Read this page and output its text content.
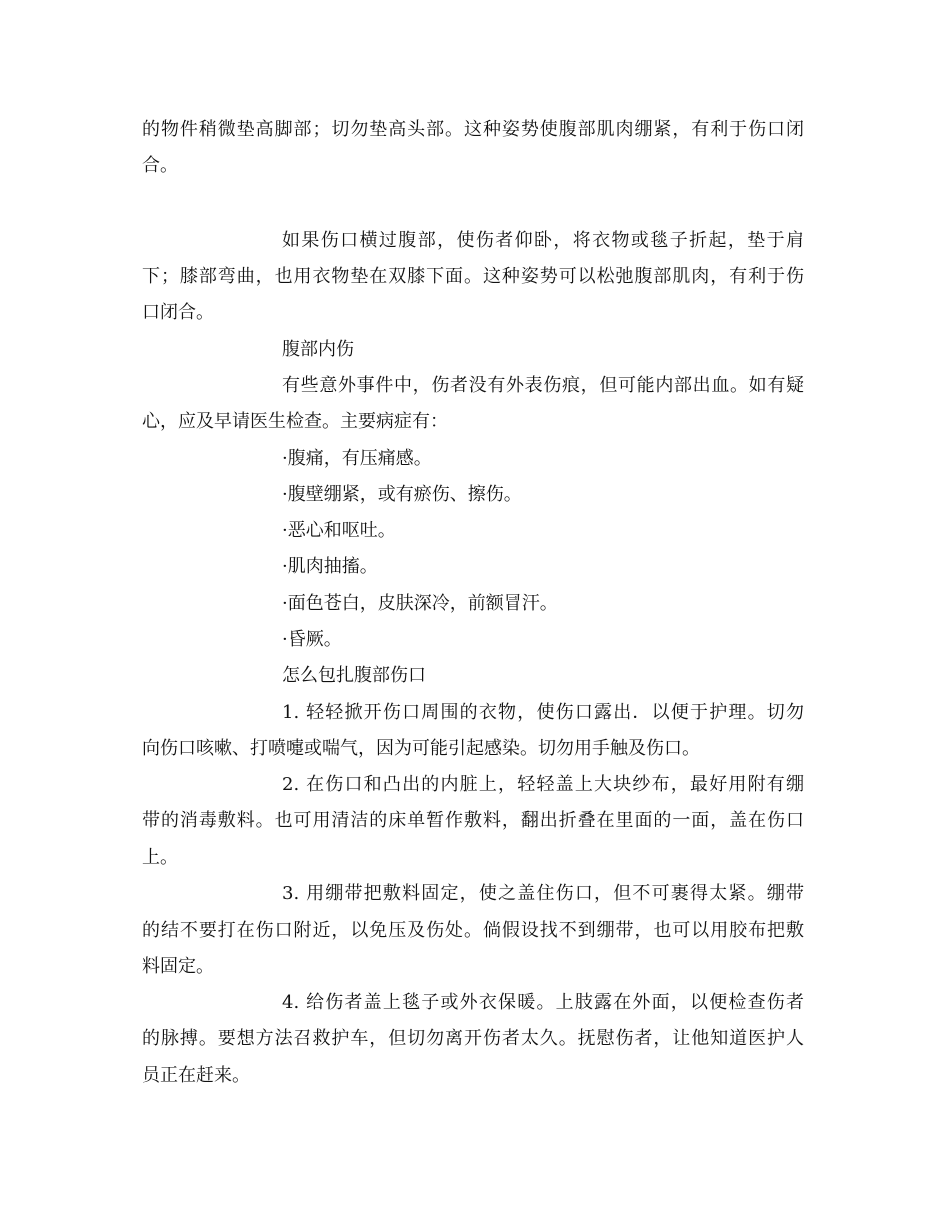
的物件稍微垫高脚部；切勿垫高头部。这种姿势使腹部肌肉绷紧，有利于伤口闭

合。

如果伤口横过腹部，使伤者仰卧，将衣物或毯子折起，垫于肩

下；膝部弯曲，也用衣物垫在双膝下面。这种姿势可以松弛腹部肌肉，有利于伤

口闭合。

腹部内伤

有些意外事件中，伤者没有外表伤痕，但可能内部出血。如有疑

心，应及早请医生检查。主要病症有：

·腹痛，有压痛感。

·腹壁绷紧，或有瘀伤、擦伤。

·恶心和呕吐。

·肌肉抽搐。

·面色苍白，皮肤深冷，前额冒汗。

·昏厥。

怎么包扎腹部伤口

1. 轻轻掀开伤口周围的衣物，使伤口露出．以便于护理。切勿

向伤口咳嗽、打喷嚏或喘气，因为可能引起感染。切勿用手触及伤口。

2. 在伤口和凸出的内脏上，轻轻盖上大块纱布，最好用附有绷

带的消毒敷料。也可用清洁的床单暂作敷料，翻出折叠在里面的一面，盖在伤口

上。

3. 用绷带把敷料固定，使之盖住伤口，但不可裹得太紧。绷带

的结不要打在伤口附近，以免压及伤处。倘假设找不到绷带，也可以用胶布把敷

料固定。

4. 给伤者盖上毯子或外衣保暖。上肢露在外面，以便检查伤者

的脉搏。要想方法召救护车，但切勿离开伤者太久。抚慰伤者，让他知道医护人

员正在赶来。
